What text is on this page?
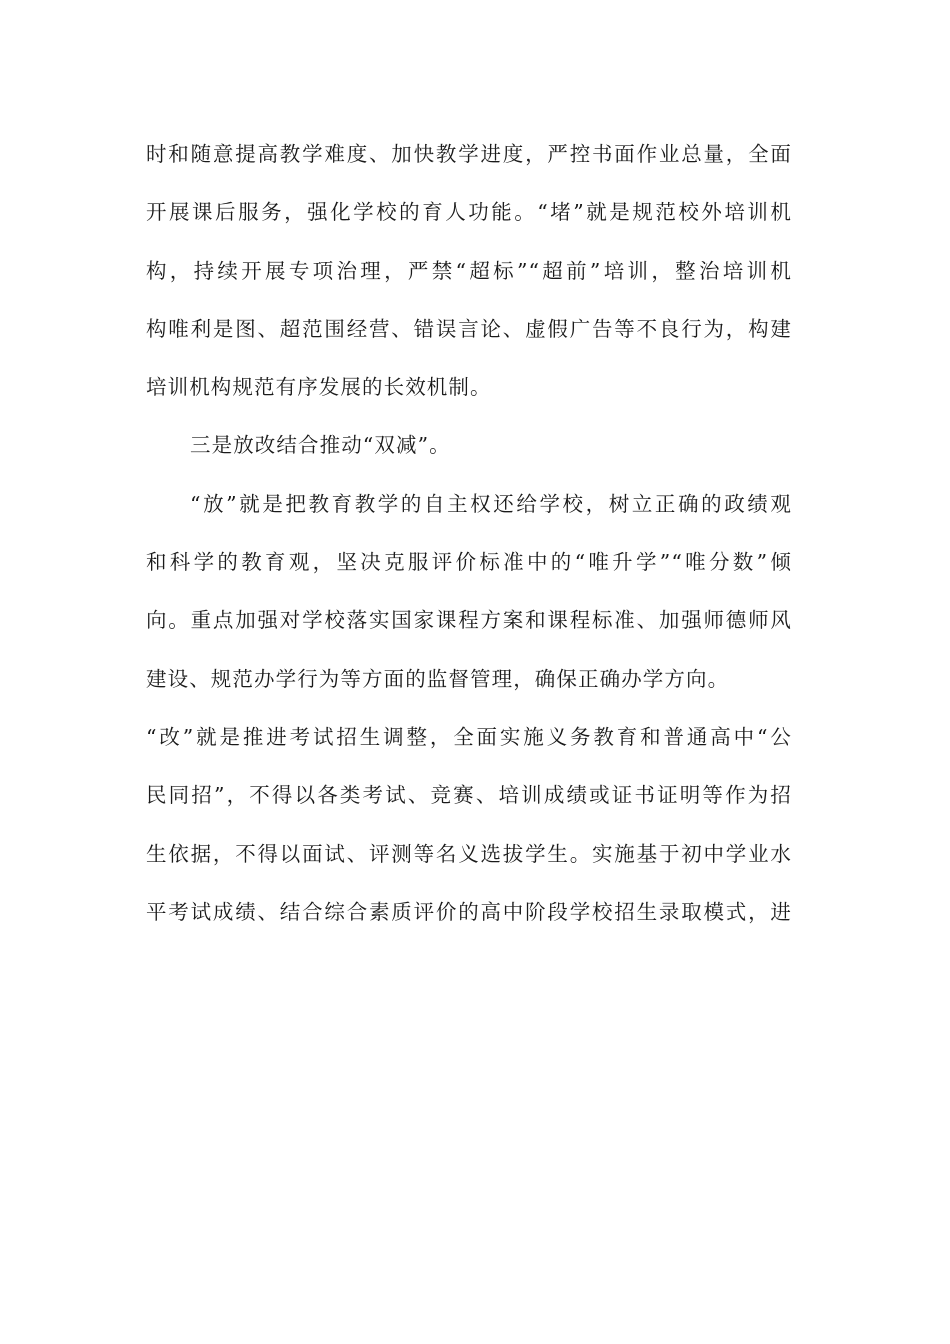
时和随意提高教学难度、加快教学进度，严控书面作业总量，全面
开展课后服务，强化学校的育人功能。“堵”就是规范校外培训机
构，持续开展专项治理，严禁“超标”“超前”培训，整治培训机
构唯利是图、超范围经营、错误言论、虚假广告等不良行为，构建
培训机构规范有序发展的长效机制。
三是放改结合推动“双减”。
“放”就是把教育教学的自主权还给学校，树立正确的政绩观
和科学的教育观，坚决克服评价标准中的“唯升学”“唯分数”倾
向。重点加强对学校落实国家课程方案和课程标准、加强师德师风
建设、规范办学行为等方面的监督管理，确保正确办学方向。
“改”就是推进考试招生调整，全面实施义务教育和普通高中“公
民同招”，不得以各类考试、竞赛、培训成绩或证书证明等作为招
生依据，不得以面试、评测等名义选拔学生。实施基于初中学业水
平考试成绩、结合综合素质评价的高中阶段学校招生录取模式，进
